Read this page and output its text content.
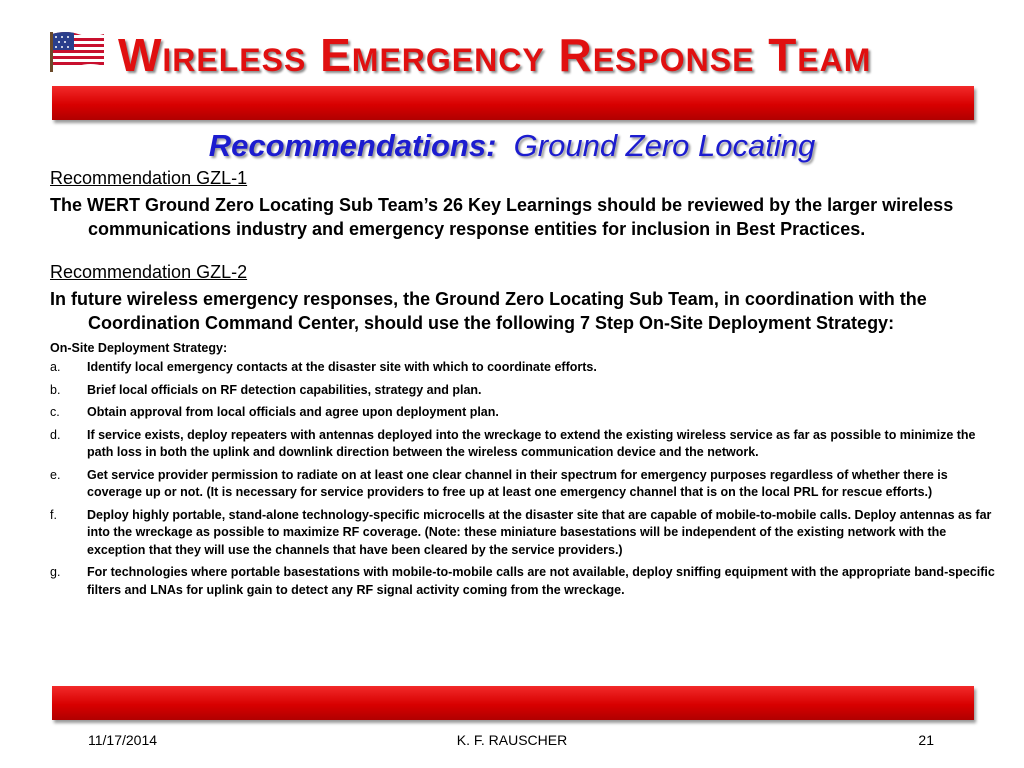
Wireless Emergency Response Team
Recommendations: Ground Zero Locating

Recommendation GZL-1

The WERT Ground Zero Locating Sub Team’s 26 Key Learnings should be reviewed by the larger wireless communications industry and emergency response entities for inclusion in Best Practices.

Recommendation GZL-2

In future wireless emergency responses, the Ground Zero Locating Sub Team, in coordination with the Coordination Command Center, should use the following 7 Step On-Site Deployment Strategy:

On-Site Deployment Strategy:

a. Identify local emergency contacts at the disaster site with which to coordinate efforts.
b. Brief local officials on RF detection capabilities, strategy and plan.
c. Obtain approval from local officials and agree upon deployment plan.
d. If service exists, deploy repeaters with antennas deployed into the wreckage to extend the existing wireless service as far as possible to minimize the path loss in both the uplink and downlink direction between the wireless communication device and the network.
e. Get service provider permission to radiate on at least one clear channel in their spectrum for emergency purposes regardless of whether there is coverage up or not. (It is necessary for service providers to free up at least one emergency channel that is on the local PRL for rescue efforts.)
f. Deploy highly portable, stand-alone technology-specific microcells at the disaster site that are capable of mobile-to-mobile calls. Deploy antennas as far into the wreckage as possible to maximize RF coverage. (Note: these miniature basestations will be independent of the existing network with the exception that they will use the channels that have been cleared by the service providers.)
g. For technologies where portable basestations with mobile-to-mobile calls are not available, deploy sniffing equipment with the appropriate band-specific filters and LNAs for uplink gain to detect any RF signal activity coming from the wreckage.
11/17/2014	K. F. RAUSCHER	21
